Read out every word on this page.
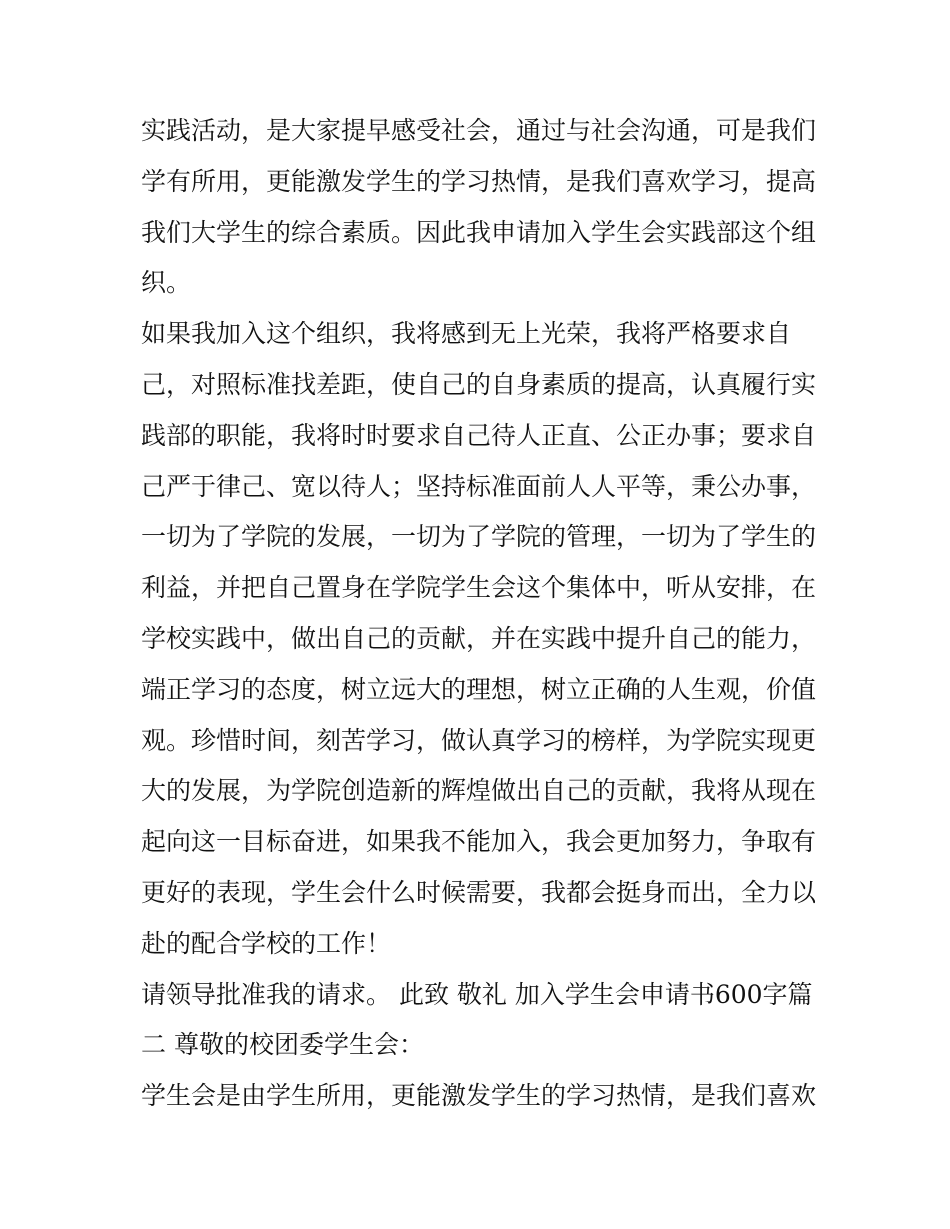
实践活动，是大家提早感受社会，通过与社会沟通，可是我们
学有所用，更能激发学生的学习热情，是我们喜欢学习，提高
我们大学生的综合素质。因此我申请加入学生会实践部这个组
织。
如果我加入这个组织，我将感到无上光荣，我将严格要求自
己，对照标准找差距，使自己的自身素质的提高，认真履行实
践部的职能，我将时时要求自己待人正直、公正办事；要求自
己严于律己、宽以待人；坚持标准面前人人平等，秉公办事，
一切为了学院的发展，一切为了学院的管理，一切为了学生的
利益，并把自己置身在学院学生会这个集体中，听从安排，在
学校实践中，做出自己的贡献，并在实践中提升自己的能力，
端正学习的态度，树立远大的理想，树立正确的人生观，价值
观。珍惜时间，刻苦学习，做认真学习的榜样，为学院实现更
大的发展，为学院创造新的辉煌做出自己的贡献，我将从现在
起向这一目标奋进，如果我不能加入，我会更加努力，争取有
更好的表现，学生会什么时候需要，我都会挺身而出，全力以
赴的配合学校的工作！
请领导批准我的请求。 此致 敬礼 加入学生会申请书600字篇
二 尊敬的校团委学生会：
学生会是由学生所用，更能激发学生的学习热情，是我们喜欢
